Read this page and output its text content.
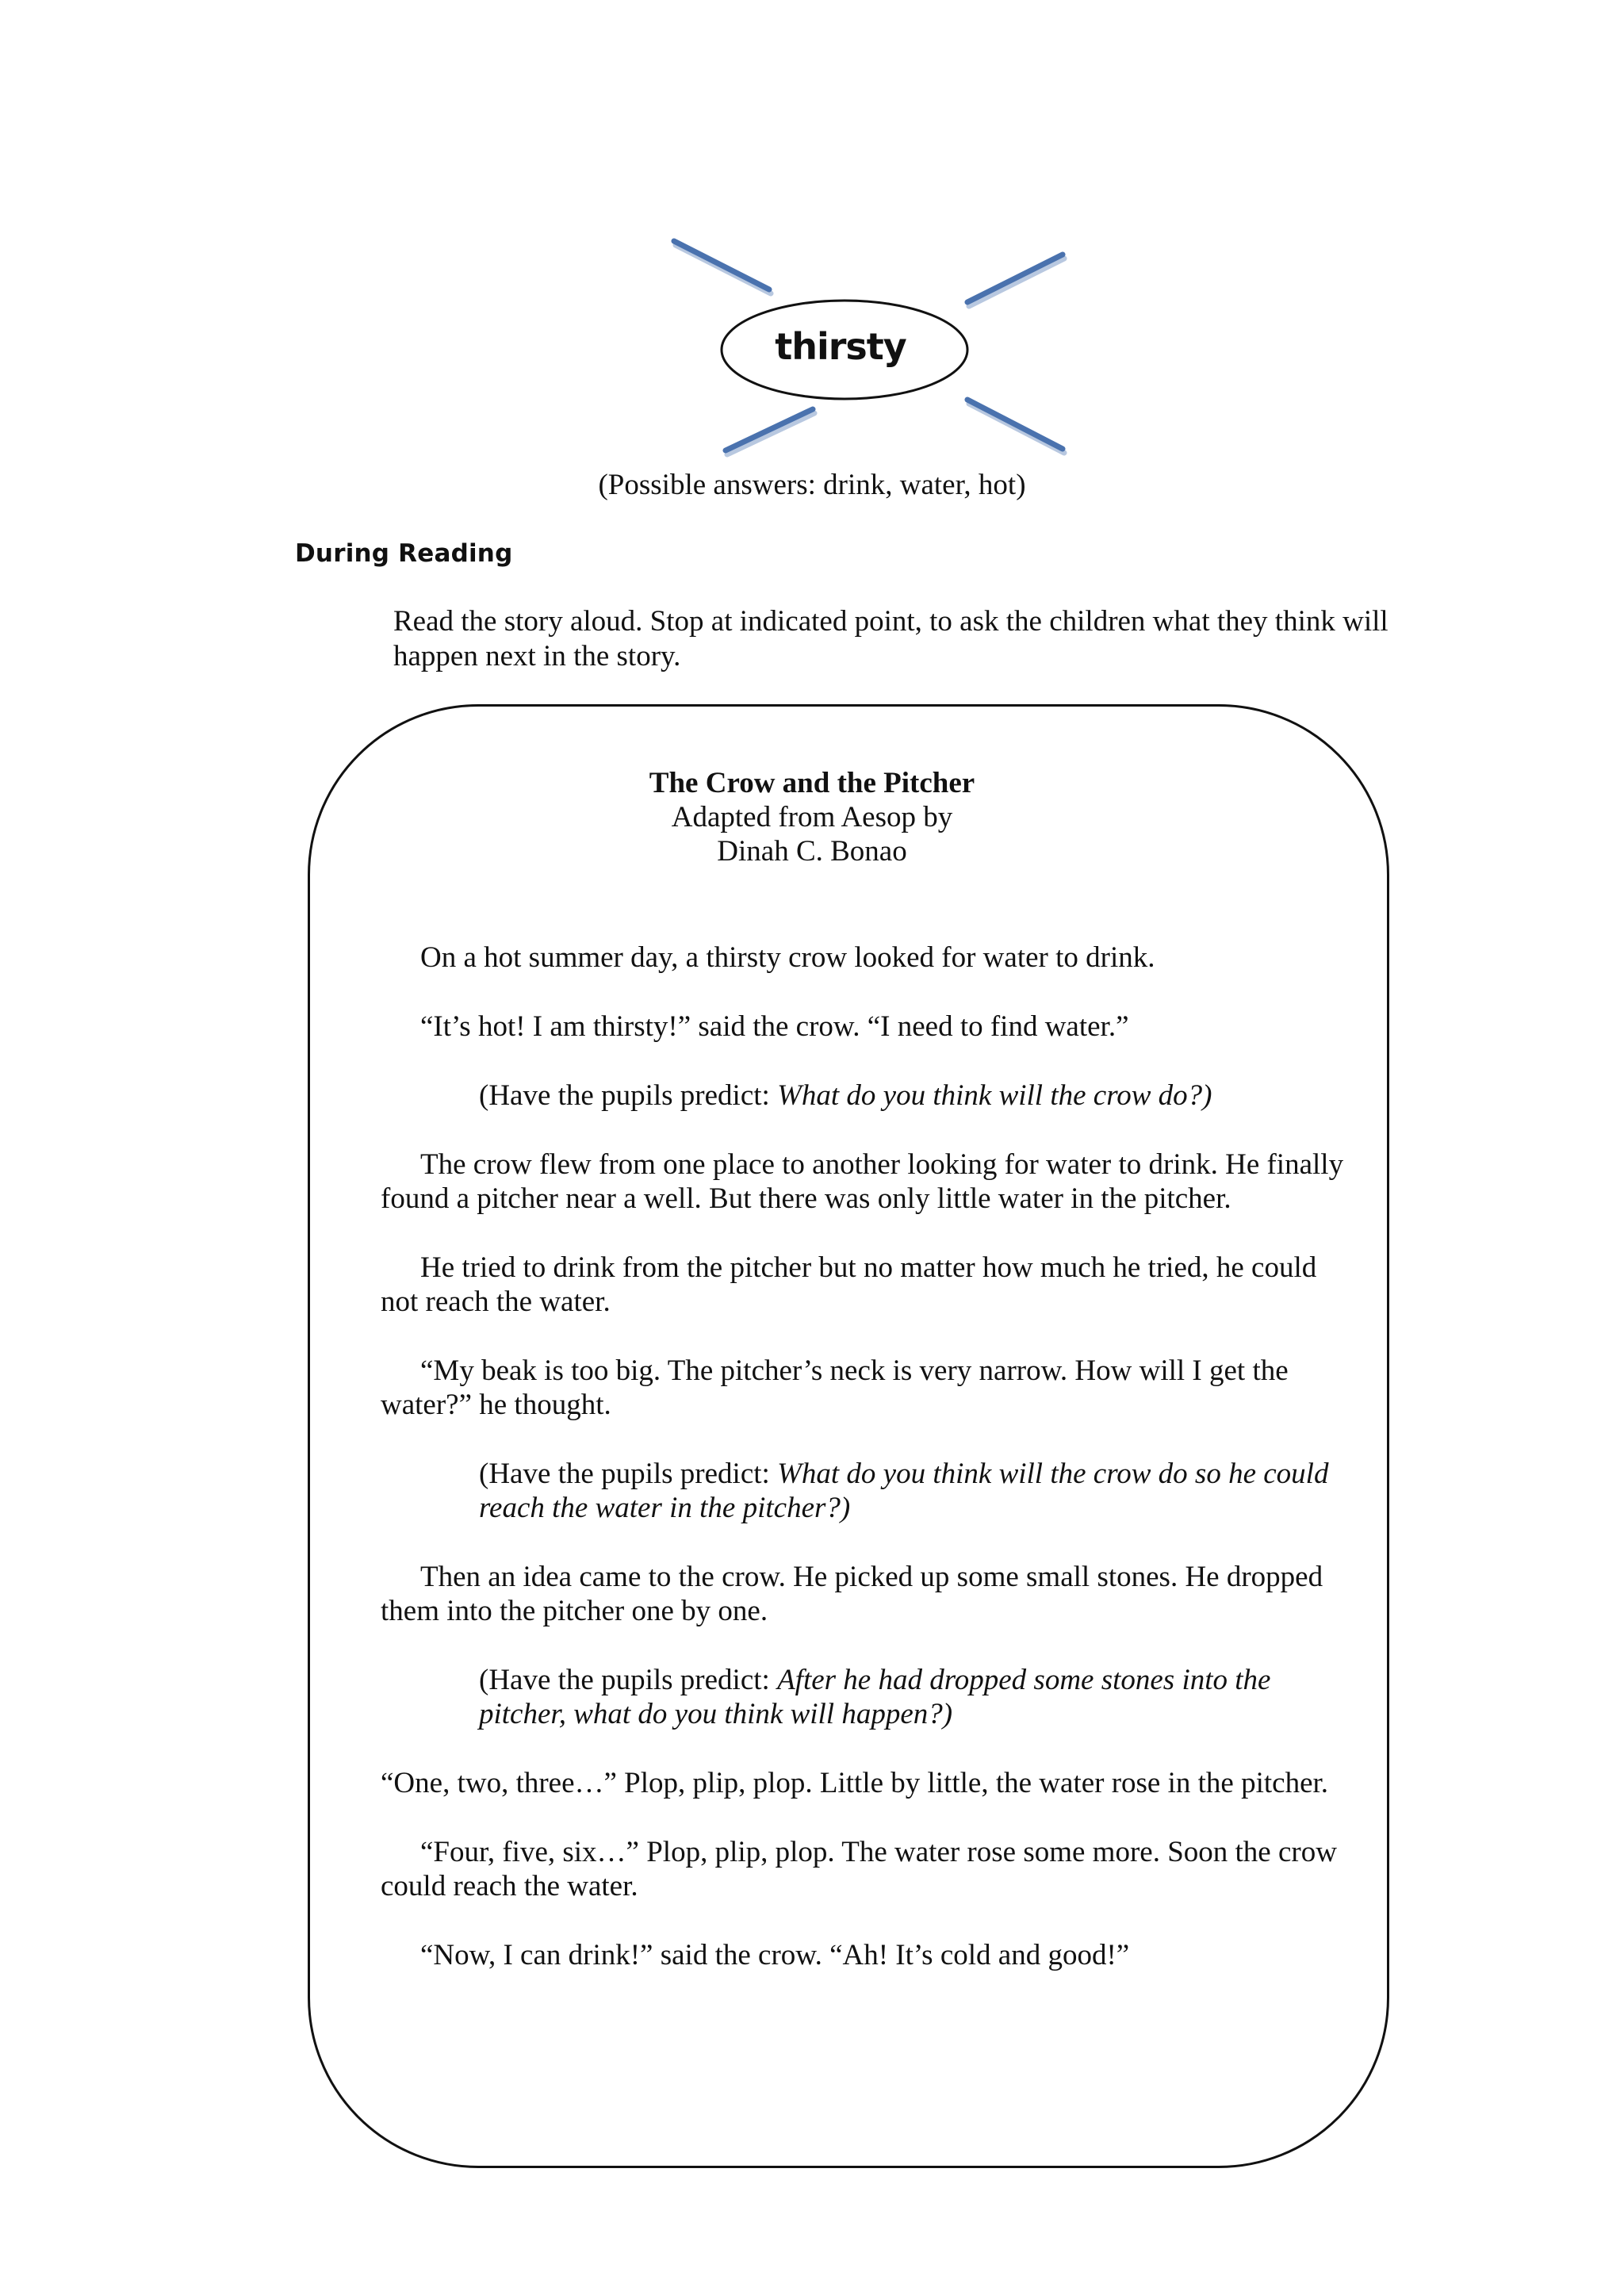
thirsty
(Possible answers: drink, water, hot)
During Reading
Read the story aloud. Stop at indicated point, to ask the children what they think will happen next in the story.
The Crow and the Pitcher
Adapted from Aesop by
Dinah C. Bonao

On a hot summer day, a thirsty crow looked for water to drink.

“It’s hot! I am thirsty!” said the crow. “I need to find water.”

(Have the pupils predict: What do you think will the crow do?)

The crow flew from one place to another looking for water to drink. He finally found a pitcher near a well. But there was only little water in the pitcher.

He tried to drink from the pitcher but no matter how much he tried, he could not reach the water.

“My beak is too big. The pitcher’s neck is very narrow. How will I get the water?” he thought.

(Have the pupils predict: What do you think will the crow do so he could reach the water in the pitcher?)

Then an idea came to the crow. He picked up some small stones. He dropped them into the pitcher one by one.

(Have the pupils predict: After he had dropped some stones into the pitcher, what do you think will happen?)

“One, two, three…” Plop, plip, plop. Little by little, the water rose in the pitcher.

“Four, five, six…” Plop, plip, plop. The water rose some more. Soon the crow could reach the water.

“Now, I can drink!” said the crow. “Ah! It’s cold and good!”
